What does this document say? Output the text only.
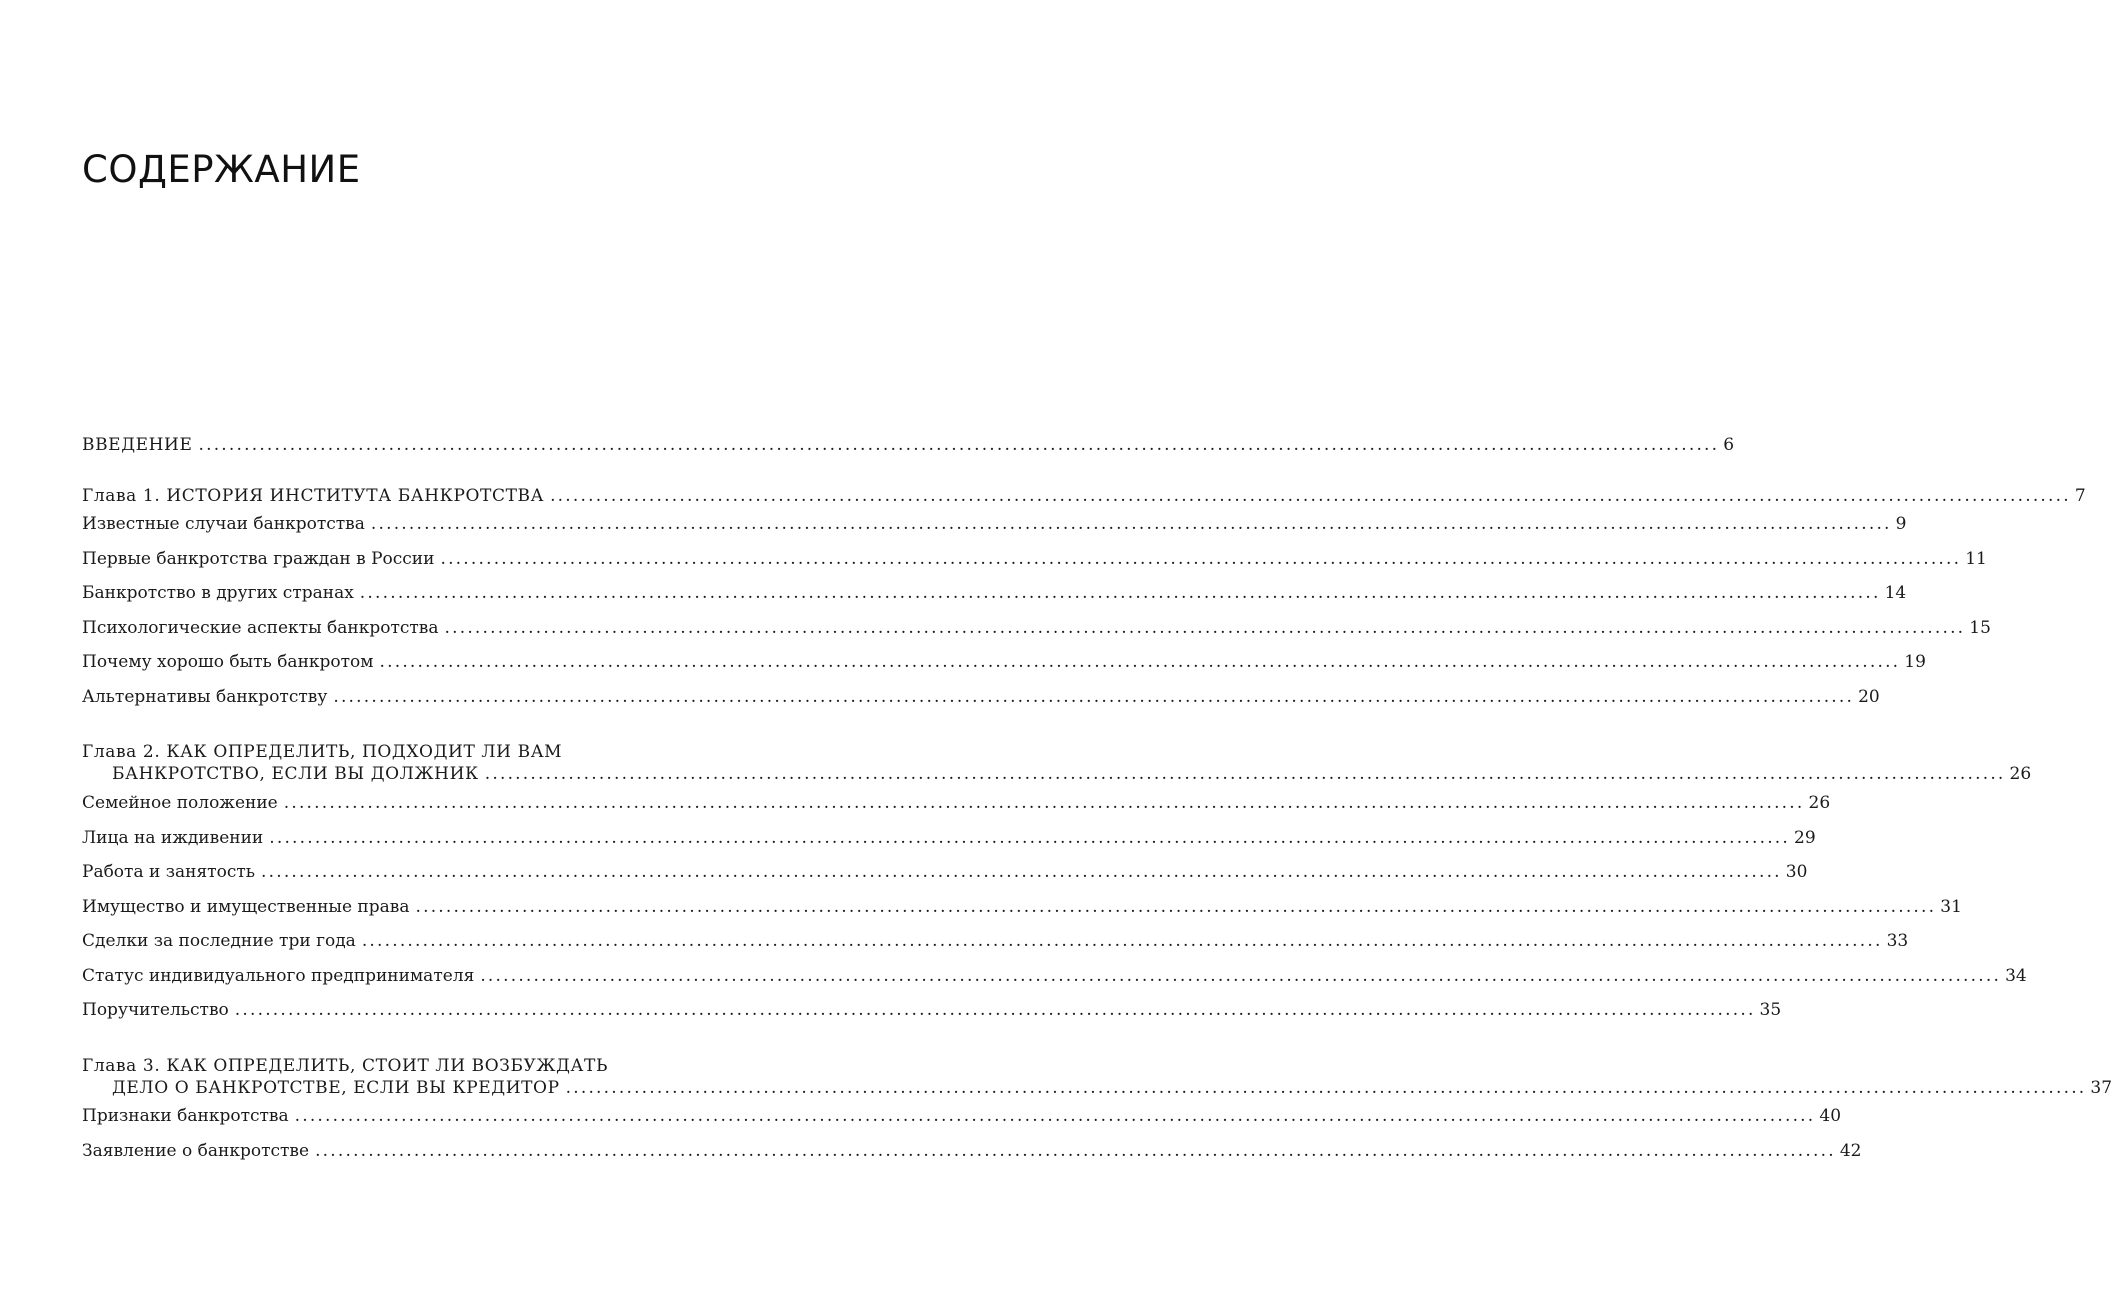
СОДЕРЖАНИЕ
ВВЕДЕНИЕ ........................................................................................................................................................................................................ 6
Глава 1. ИСТОРИЯ ИНСТИТУТА БАНКРОТСТВА ........................................................................................................................................................................................................ 7
Известные случаи банкротства ........................................................................................................................................................................................................ 9
Первые банкротства граждан в России ........................................................................................................................................................................................................ 11
Банкротство в других странах ........................................................................................................................................................................................................ 14
Психологические аспекты банкротства ........................................................................................................................................................................................................ 15
Почему хорошо быть банкротом ........................................................................................................................................................................................................ 19
Альтернативы банкротству ........................................................................................................................................................................................................ 20
Глава 2. КАК ОПРЕДЕЛИТЬ, ПОДХОДИТ ЛИ ВАМ
БАНКРОТСТВО, ЕСЛИ ВЫ ДОЛЖНИК ........................................................................................................................................................................................................ 26
Семейное положение ........................................................................................................................................................................................................ 26
Лица на иждивении ........................................................................................................................................................................................................ 29
Работа и занятость ........................................................................................................................................................................................................ 30
Имущество и имущественные права ........................................................................................................................................................................................................ 31
Сделки за последние три года ........................................................................................................................................................................................................ 33
Статус индивидуального предпринимателя ........................................................................................................................................................................................................ 34
Поручительство ........................................................................................................................................................................................................ 35
Глава 3. КАК ОПРЕДЕЛИТЬ, СТОИТ ЛИ ВОЗБУЖДАТЬ
ДЕЛО О БАНКРОТСТВЕ, ЕСЛИ ВЫ КРЕДИТОР ........................................................................................................................................................................................................ 37
Признаки банкротства ........................................................................................................................................................................................................ 40
Заявление о банкротстве ........................................................................................................................................................................................................ 42
